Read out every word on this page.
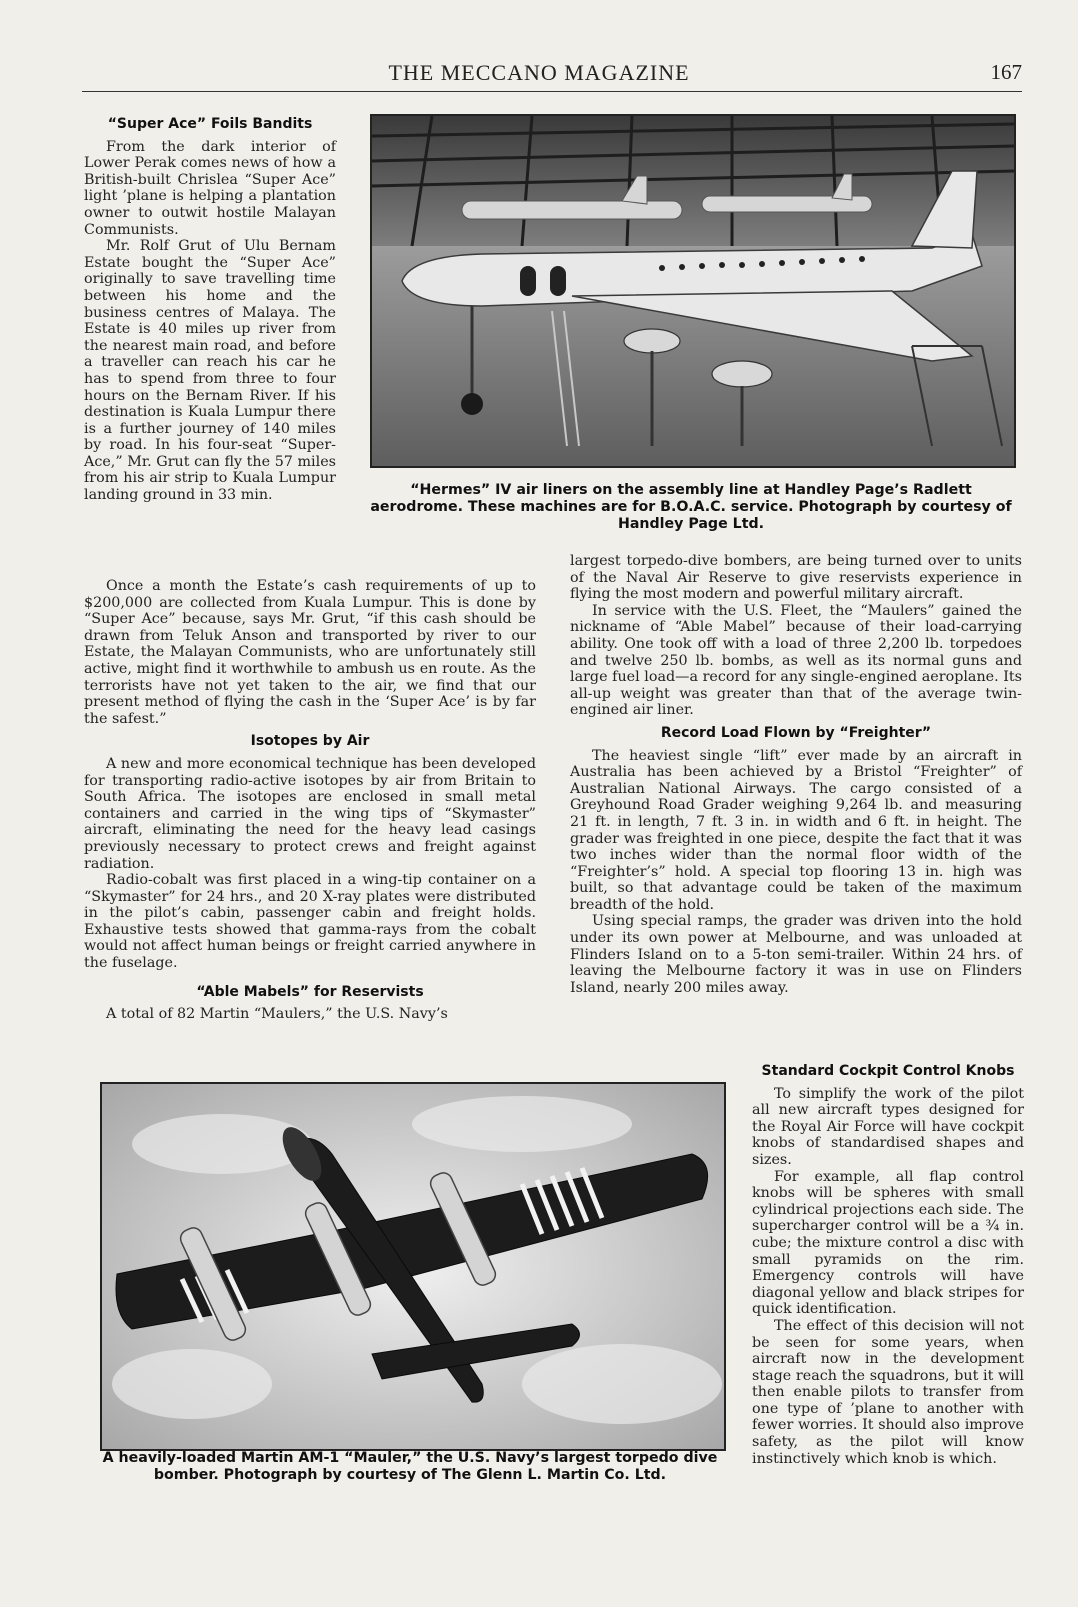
THE MECCANO MAGAZINE	167
“Super Ace” Foils Bandits

From the dark interior of Lower Perak comes news of how a British-built Chrislea “Super Ace” light ’plane is helping a plantation owner to outwit hostile Malayan Communists.

Mr. Rolf Grut of Ulu Bernam Estate bought the “Super Ace” originally to save travelling time between his home and the business centres of Malaya. The Estate is 40 miles up river from the nearest main road, and before a traveller can reach his car he has to spend from three to four hours on the Bernam River. If his destination is Kuala Lumpur there is a further journey of 140 miles by road. In his four-seat “Super-Ace,” Mr. Grut can fly the 57 miles from his air strip to Kuala Lumpur landing ground in 33 min.

Once a month the Estate’s cash requirements of up to $200,000 are collected from Kuala Lumpur. This is done by “Super Ace” because, says Mr. Grut, “if this cash should be drawn from Teluk Anson and transported by river to our Estate, the Malayan Communists, who are unfortunately still active, might find it worthwhile to ambush us en route. As the terrorists have not yet taken to the air, we find that our present method of flying the cash in the ‘Super Ace’ is by far the safest.”

Isotopes by Air

A new and more economical technique has been developed for transporting radio-active isotopes by air from Britain to South Africa. The isotopes are enclosed in small metal containers and carried in the wing tips of “Skymaster” aircraft, eliminating the need for the heavy lead casings previously necessary to protect crews and freight against radiation.

Radio-cobalt was first placed in a wing-tip container on a “Skymaster” for 24 hrs., and 20 X-ray plates were distributed in the pilot’s cabin, passenger cabin and freight holds. Exhaustive tests showed that gamma-rays from the cobalt would not affect human beings or freight carried anywhere in the fuselage.

“Able Mabels” for Reservists

A total of 82 Martin “Maulers,” the U.S. Navy’s

“Hermes” IV air liners on the assembly line at Handley Page’s Radlett aerodrome. These machines are for B.O.A.C. service. Photograph by courtesy of Handley Page Ltd.

largest torpedo-dive bombers, are being turned over to units of the Naval Air Reserve to give reservists experience in flying the most modern and powerful military aircraft.

In service with the U.S. Fleet, the “Maulers” gained the nickname of “Able Mabel” because of their load-carrying ability. One took off with a load of three 2,200 lb. torpedoes and twelve 250 lb. bombs, as well as its normal guns and large fuel load—a record for any single-engined aeroplane. Its all-up weight was greater than that of the average twin-engined air liner.

Record Load Flown by “Freighter”

The heaviest single “lift” ever made by an aircraft in Australia has been achieved by a Bristol “Freighter” of Australian National Airways. The cargo consisted of a Greyhound Road Grader weighing 9,264 lb. and measuring 21 ft. in length, 7 ft. 3 in. in width and 6 ft. in height. The grader was freighted in one piece, despite the fact that it was two inches wider than the normal floor width of the “Freighter’s” hold. A special top flooring 13 in. high was built, so that advantage could be taken of the maximum breadth of the hold.

Using special ramps, the grader was driven into the hold under its own power at Melbourne, and was unloaded at Flinders Island on to a 5-ton semi-trailer. Within 24 hrs. of leaving the Melbourne factory it was in use on Flinders Island, nearly 200 miles away.

A heavily-loaded Martin AM-1 “Mauler,” the U.S. Navy’s largest torpedo dive bomber. Photograph by courtesy of The Glenn L. Martin Co. Ltd.
Standard Cockpit Control Knobs

To simplify the work of the pilot all new aircraft types designed for the Royal Air Force will have cockpit knobs of standardised shapes and sizes.

For example, all flap control knobs will be spheres with small cylindrical projections each side. The supercharger control will be a ¾ in. cube; the mixture control a disc with small pyramids on the rim. Emergency controls will have diagonal yellow and black stripes for quick identification.

The effect of this decision will not be seen for some years, when aircraft now in the development stage reach the squadrons, but it will then enable pilots to transfer from one type of ’plane to another with fewer worries. It should also improve safety, as the pilot will know instinctively which knob is which.
